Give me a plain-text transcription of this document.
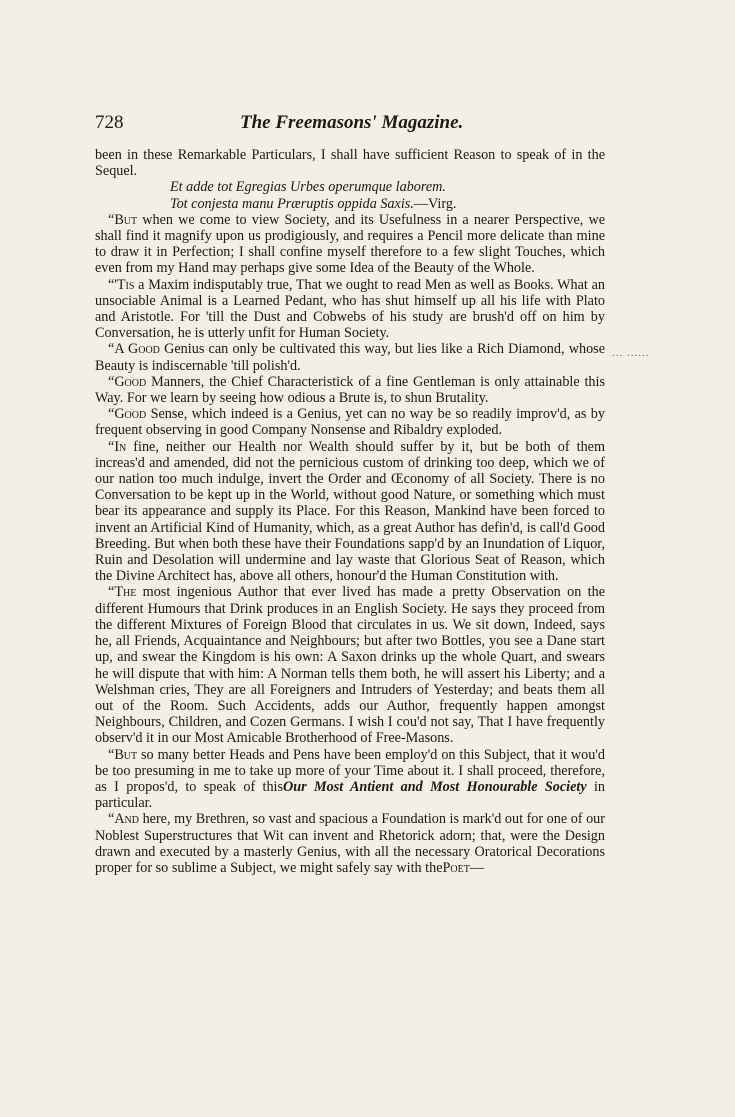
728	The Freemasons' Magazine.
... ......

been in these Remarkable Particulars, I shall have sufficient Reason to speak of in the Sequel.

Et adde tot Egregias Urbes operumque laborem.

Tot conjesta manu Præruptis oppida Saxis.—Virg.

“But when we come to view Society, and its Usefulness in a nearer Perspective, we shall find it magnify upon us prodigiously, and requires a Pencil more delicate than mine to draw it in Perfection; I shall confine myself therefore to a few slight Touches, which even from my Hand may perhaps give some Idea of the Beauty of the Whole.

“'Tis a Maxim indisputably true, That we ought to read Men as well as Books. What an unsociable Animal is a Learned Pedant, who has shut himself up all his life with Plato and Aristotle. For 'till the Dust and Cobwebs of his study are brush'd off on him by Conversation, he is utterly unfit for Human Society.

“A Good Genius can only be cultivated this way, but lies like a Rich Diamond, whose Beauty is indiscernable 'till polish'd.

“Good Manners, the Chief Characteristick of a fine Gentleman is only attainable this Way. For we learn by seeing how odious a Brute is, to shun Brutality.

“Good Sense, which indeed is a Genius, yet can no way be so readily improv'd, as by frequent observing in good Company Nonsense and Ribaldry exploded.

“In fine, neither our Health nor Wealth should suffer by it, but be both of them increas'd and amended, did not the pernicious custom of drinking too deep, which we of our nation too much indulge, invert the Order and Œconomy of all Society. There is no Conversation to be kept up in the World, without good Nature, or something which must bear its appearance and supply its Place. For this Reason, Mankind have been forced to invent an Artificial Kind of Humanity, which, as a great Author has defin'd, is call'd Good Breeding. But when both these have their Foundations sapp'd by an Inundation of Liquor, Ruin and Desolation will undermine and lay waste that Glorious Seat of Reason, which the Divine Architect has, above all others, honour'd the Human Constitution with.

“The most ingenious Author that ever lived has made a pretty Observation on the different Humours that Drink produces in an English Society. He says they proceed from the different Mixtures of Foreign Blood that circulates in us. We sit down, Indeed, says he, all Friends, Acquaintance and Neighbours; but after two Bottles, you see a Dane start up, and swear the Kingdom is his own: A Saxon drinks up the whole Quart, and swears he will dispute that with him: A Norman tells them both, he will assert his Liberty; and a Welshman cries, They are all Foreigners and Intruders of Yesterday; and beats them all out of the Room. Such Accidents, adds our Author, frequently happen amongst Neighbours, Children, and Cozen Germans. I wish I cou'd not say, That I have frequently observ'd it in our Most Amicable Brotherhood of Free-Masons.

“But so many better Heads and Pens have been employ'd on this Subject, that it wou'd be too presuming in me to take up more of your Time about it. I shall proceed, therefore, as I propos'd, to speak of thisOur Most Antient and Most Honourable Society in particular.

“And here, my Brethren, so vast and spacious a Foundation is mark'd out for one of our Noblest Superstructures that Wit can invent and Rhetorick adorn; that, were the Design drawn and executed by a masterly Genius, with all the necessary Oratorical Decorations proper for so sublime a Subject, we might safely say with thePoet—
